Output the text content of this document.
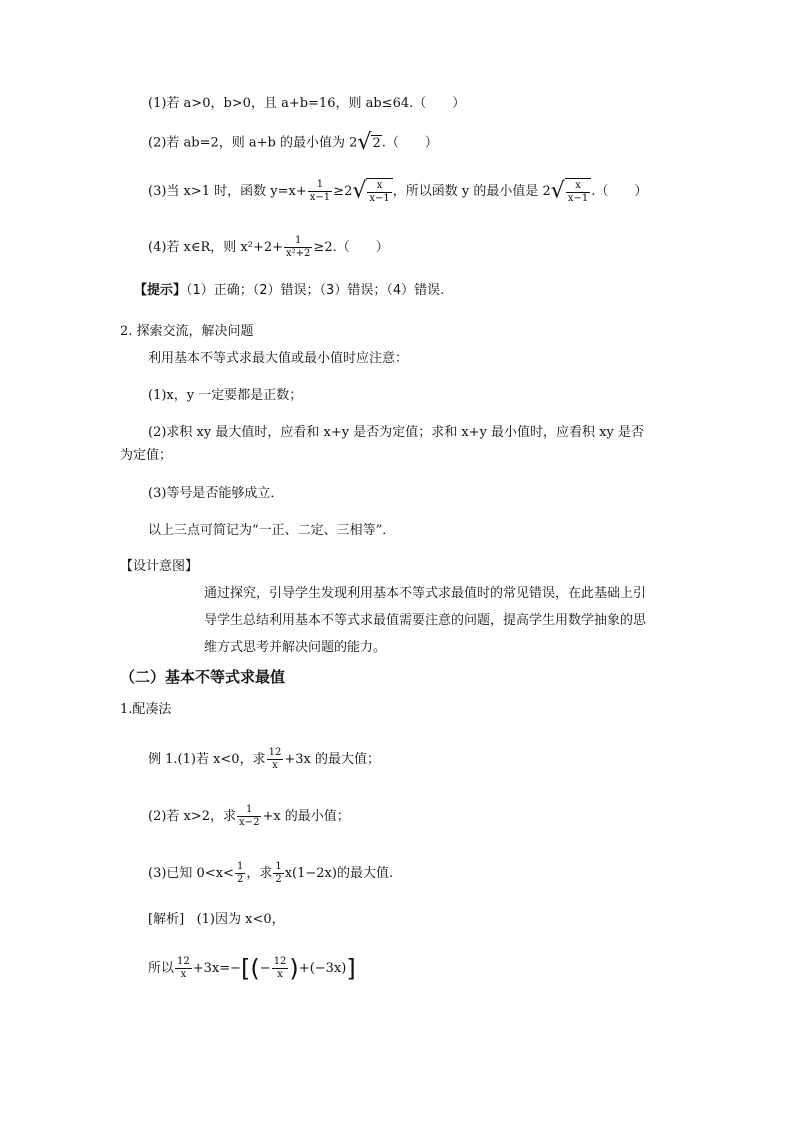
(1)若 a>0，b>0，且 a+b=16，则 ab≤64.（　　）
(2)若 ab=2，则 a+b 的最小值为 2√2.（　　）
(3)当 x>1 时，函数 $y=x+ \frac{1}{x-1} \ge 2√ \frac{x}{x-1}$ ，所以函数 y 的最小值是 $2√ \frac{x}{x-1}$ .（　　）
(4)若 x∈R，则 $x^2+2+ \frac{1}{\text{x²+2}} \ge 2$.（　　）
【提示】（1）正确；（2）错误；（3）错误；（4）错误.
2. 探索交流，解决问题
利用基本不等式求最大值或最小值时应注意：
(1)x，y 一定要都是正数；
(2)求积 xy 最大值时，应看和 x+y 是否为定值；求和 x+y 最小值时，应看积 xy 是否
为定值；
(3)等号是否能够成立．
以上三点可简记为“一正、二定、三相等”．
【设计意图】
通过探究，引导学生发现利用基本不等式求最值时的常见错误，在此基础上引
导学生总结利用基本不等式求最值需要注意的问题，提高学生用数学抽象的思
维方式思考并解决问题的能力。
（二）基本不等式求最值
1.配凑法
例 1.(1)若 x<0，求 $\frac{12}{x} +3x$ 的最大值；
(2)若 x>2，求 $\frac{1}{x-2} +x$ 的最小值；
(3)已知 $0<x< \frac{1}{2}$ ，求 $\frac{1}{2} x(1-2x)$的最大值.
[解析] (1)因为 x<0，
所以 $\frac{12}{x} +3x=-[(- \frac{12}{x} )+(-3x)]$
